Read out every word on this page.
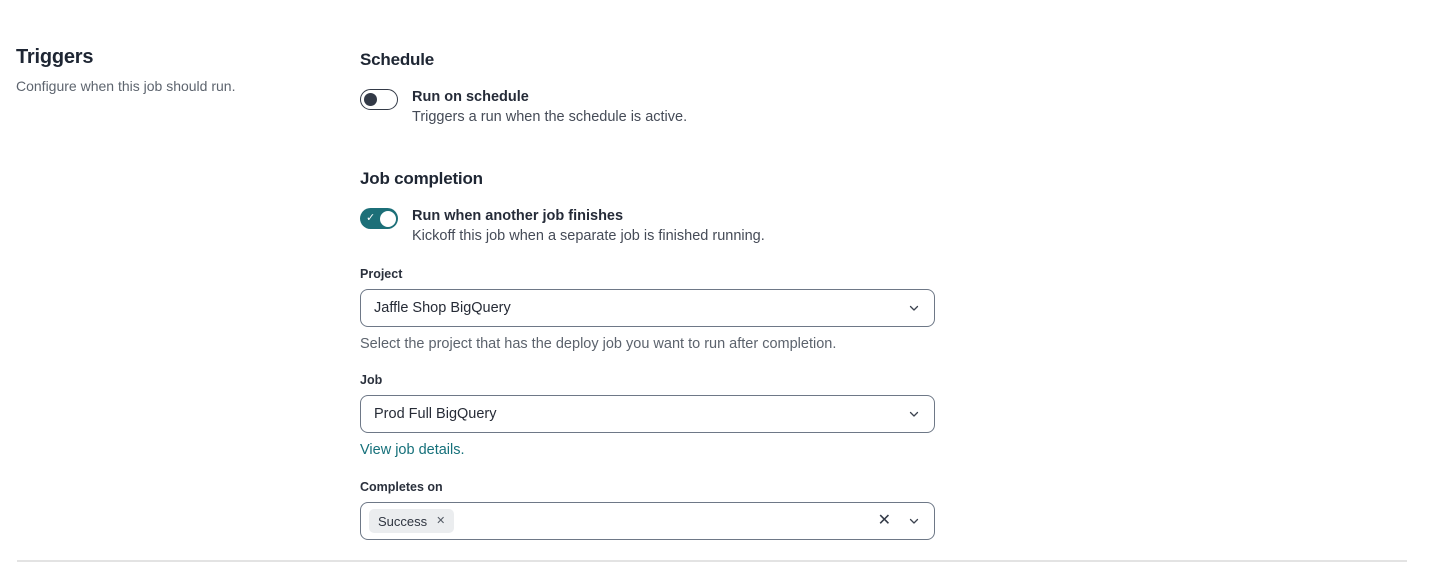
Triggers
Configure when this job should run.
Schedule
Run on schedule
Triggers a run when the schedule is active.
Job completion
✓	Run when another job finishes
Kickoff this job when a separate job is finished running.
Project
Jaffle Shop BigQuery
Select the project that has the deploy job you want to run after completion.
Job
Prod Full BigQuery
View job details.
Completes on
Success ✕	✕
